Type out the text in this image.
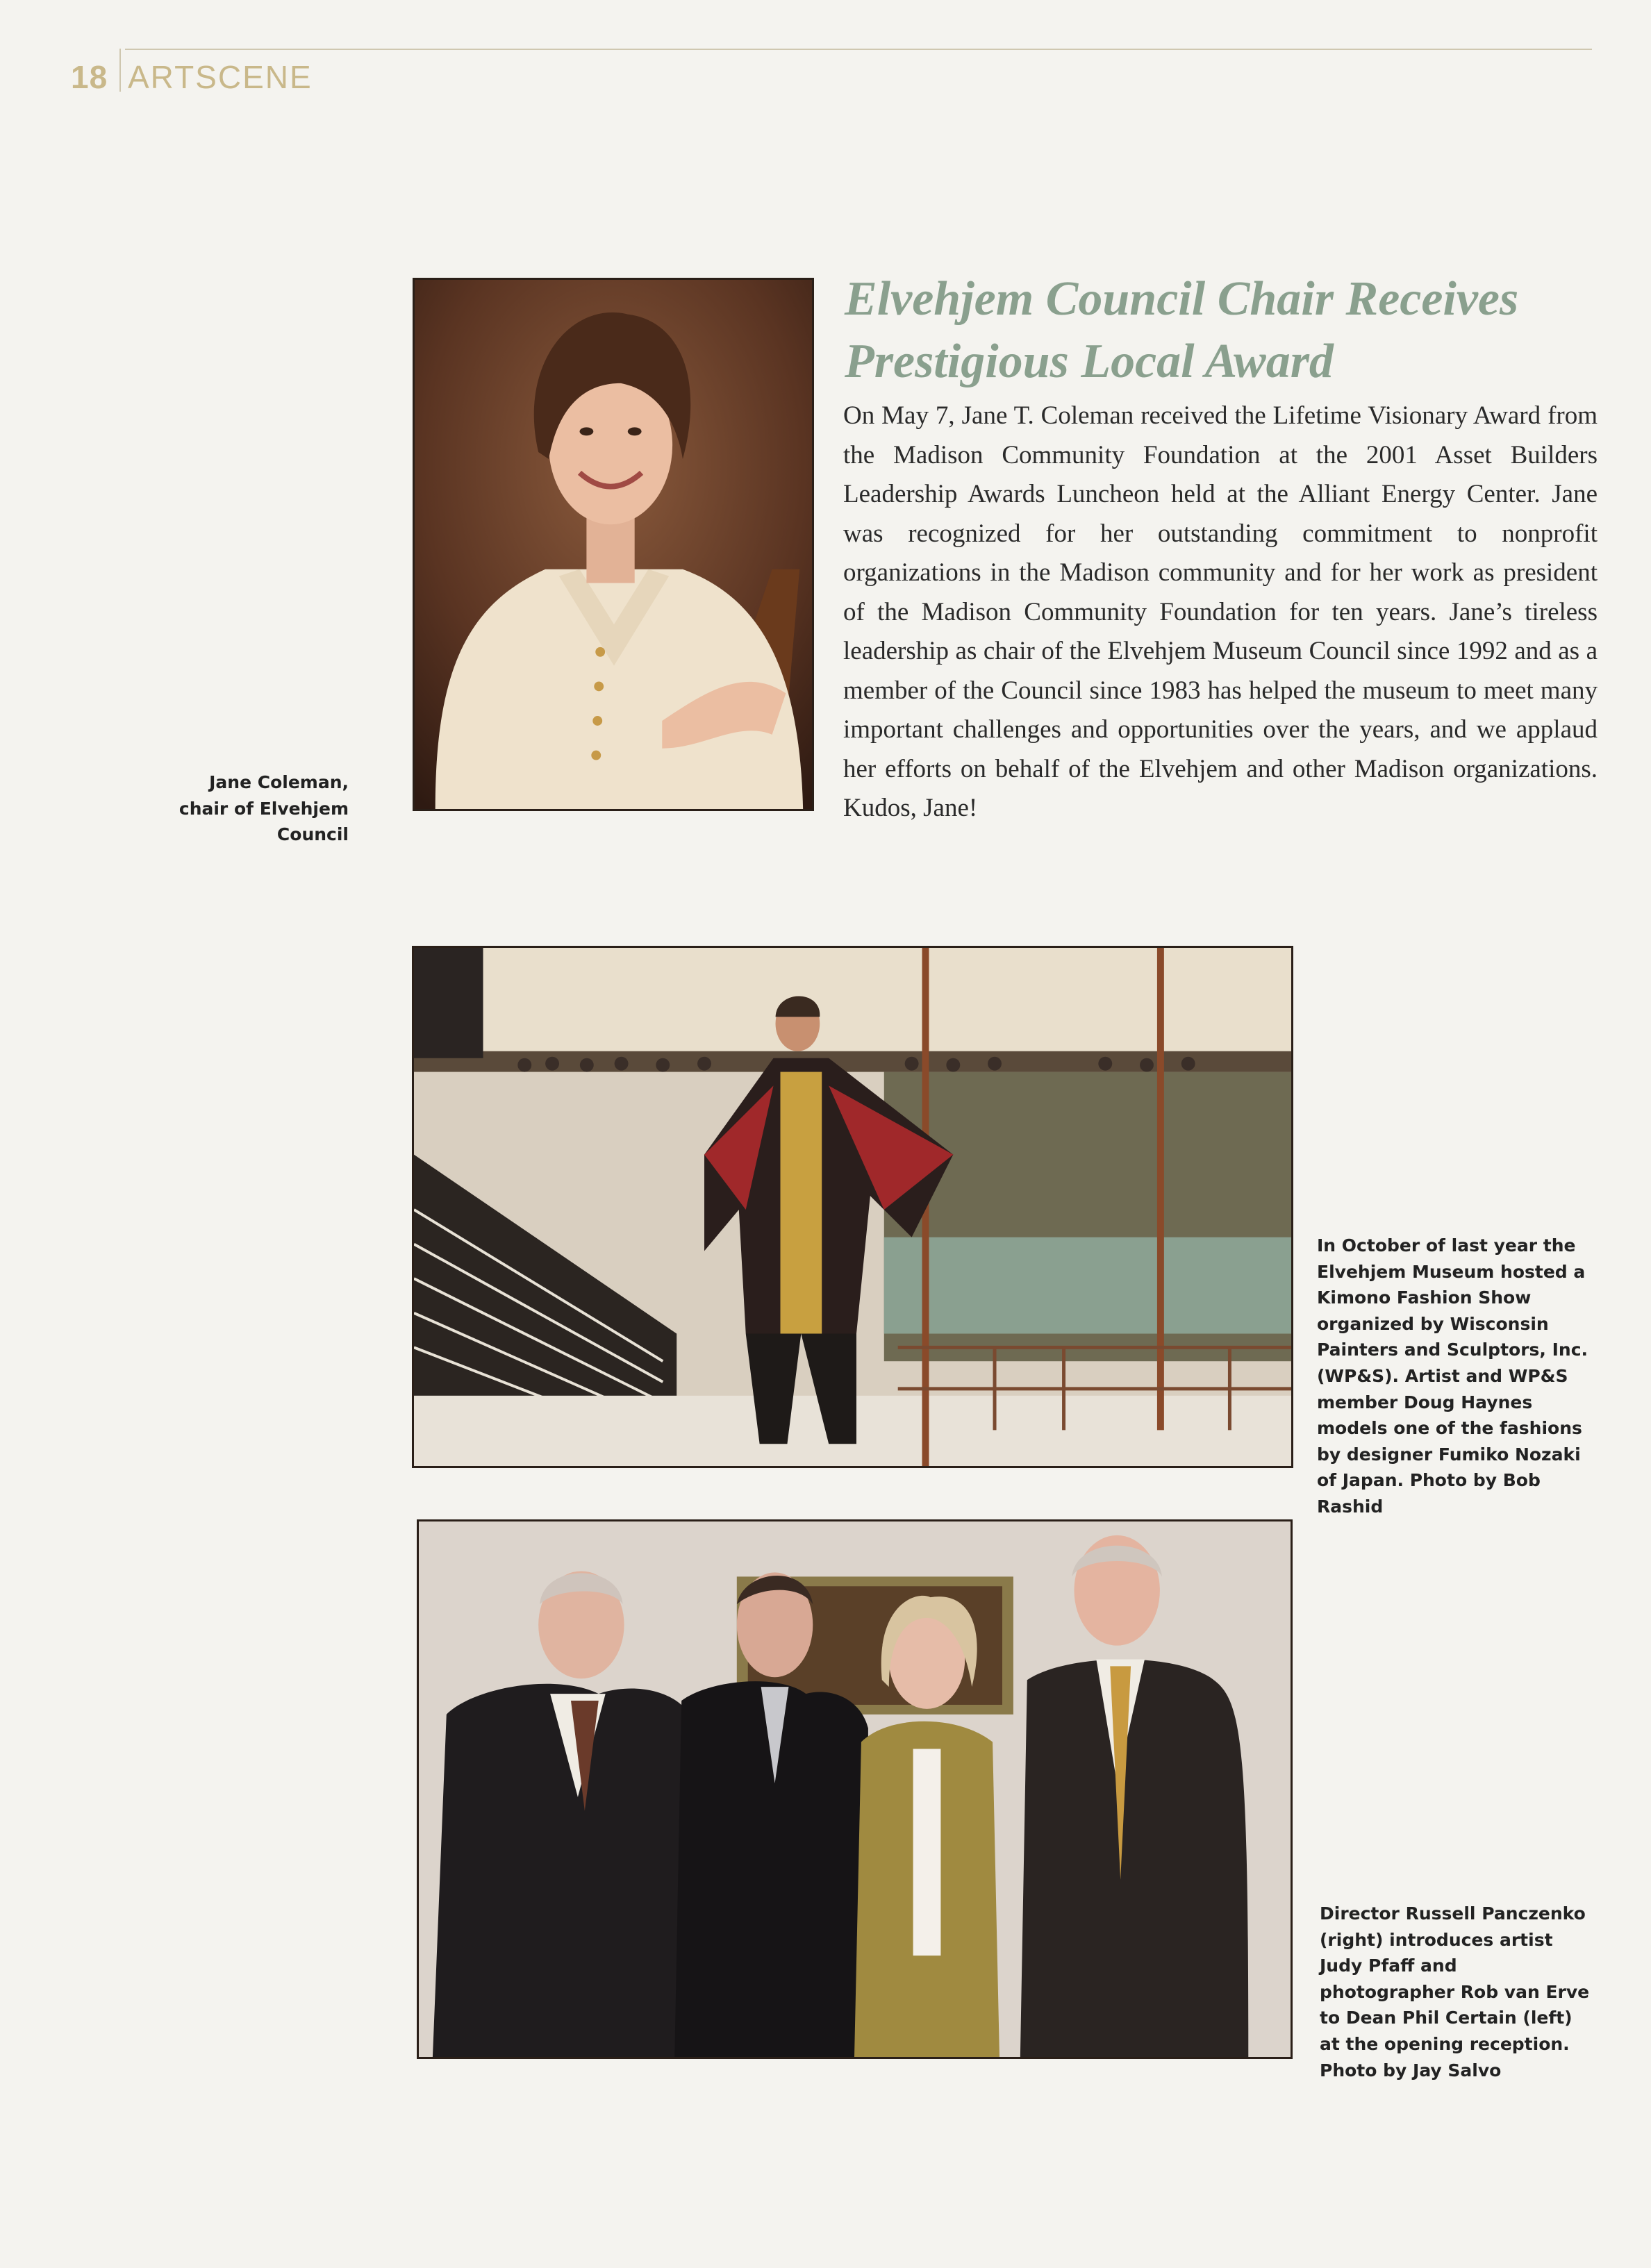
18 ARTSCENE
Jane Coleman,
chair of Elvehjem Council
Elvehjem Council Chair Receives Prestigious Local Award

On May 7, Jane T. Coleman received the Lifetime Visionary Award from the Madison Community Foundation at the 2001 Asset Builders Leadership Awards Luncheon held at the Alliant Energy Center. Jane was recognized for her outstanding commitment to nonprofit organizations in the Madison community and for her work as president of the Madison Community Foundation for ten years. Jane’s tireless leadership as chair of the Elvehjem Museum Council since 1992 and as a member of the Council since 1983 has helped the museum to meet many important challenges and opportunities over the years, and we applaud her efforts on behalf of the Elvehjem and other Madison organizations. Kudos, Jane!

In October of last year the Elvehjem Museum hosted a Kimono Fashion Show organized by Wisconsin Painters and Sculptors, Inc. (WP&S). Artist and WP&S member Doug Haynes models one of the fashions by designer Fumiko Nozaki of Japan. Photo by Bob Rashid
Director Russell Panczenko (right) introduces artist Judy Pfaff and photographer Rob van Erve to Dean Phil Certain (left) at the opening reception. Photo by Jay Salvo
